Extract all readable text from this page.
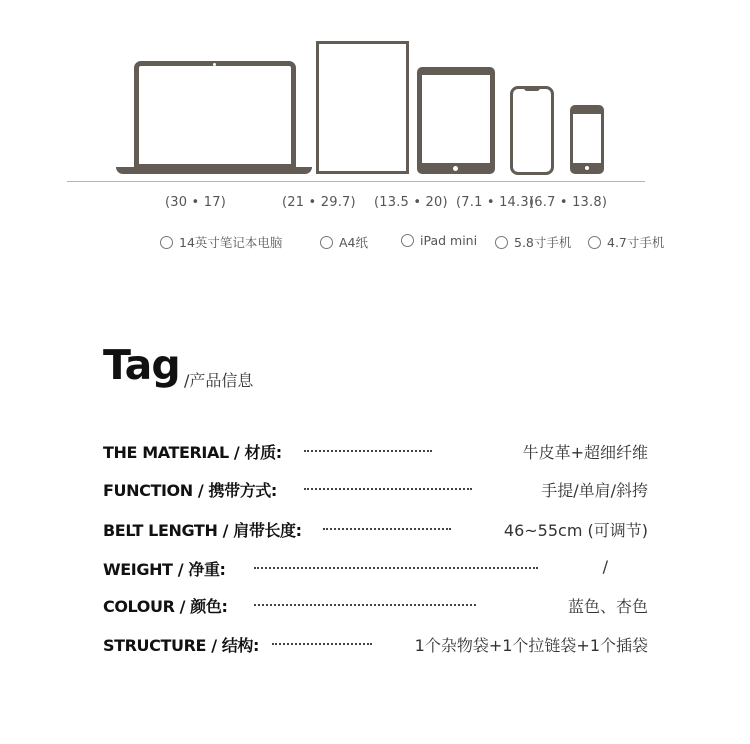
(30 • 17)	(21 • 29.7) (13.5 • 20) (7.1 • 14.3)
(6.7 • 13.8)
14英寸笔记本电脑	A4纸	iPad mini	5.8寸手机	4.7寸手机
Tag /产品信息
THE MATERIAL / 材质:	牛皮革+超细纤维
FUNCTION / 携带方式:	手提/单肩/斜挎
BELT LENGTH / 肩带长度:	46~55cm (可调节)
WEIGHT / 净重:	/
COLOUR / 颜色:	蓝色、杏色
STRUCTURE / 结构:	1个杂物袋+1个拉链袋+1个插袋
